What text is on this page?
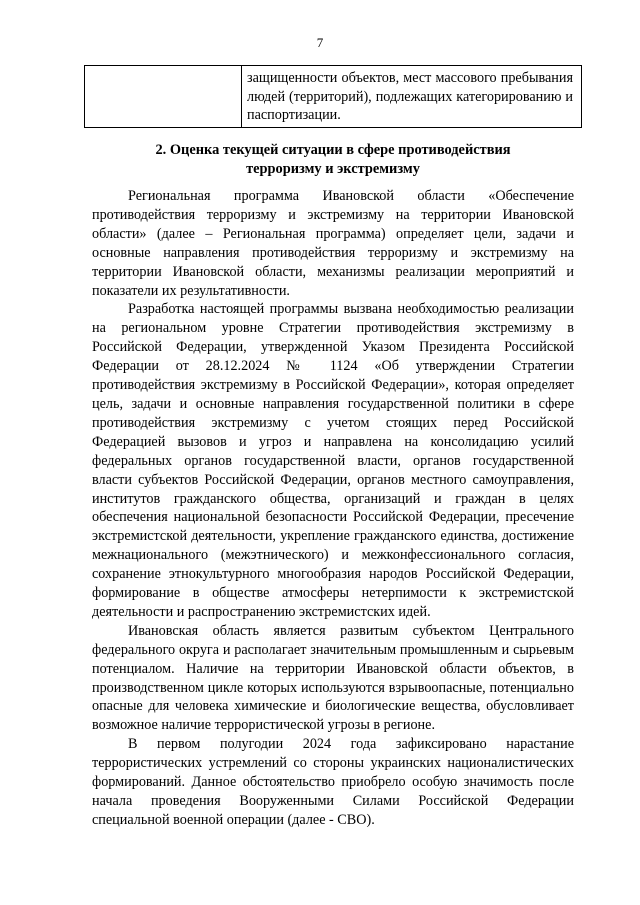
7
	защищенности объектов, мест массового пребывания людей (территорий), подлежащих категорированию и паспортизации.
2. Оценка текущей ситуации в сфере противодействия
терроризму и экстремизму

Региональная программа Ивановской области «Обеспечение противодействия терроризму и экстремизму на территории Ивановской области» (далее – Региональная программа) определяет цели, задачи и основные направления противодействия терроризму и экстремизму на территории Ивановской области, механизмы реализации мероприятий и показатели их результативности.

Разработка настоящей программы вызвана необходимостью реализации на региональном уровне Стратегии противодействия экстремизму в Российской Федерации, утвержденной Указом Президента Российской Федерации от 28.12.2024 № 1124 «Об утверждении Стратегии противодействия экстремизму в Российской Федерации», которая определяет цель, задачи и основные направления государственной политики в сфере противодействия экстремизму с учетом стоящих перед Российской Федерацией вызовов и угроз и направлена на консолидацию усилий федеральных органов государственной власти, органов государственной власти субъектов Российской Федерации, органов местного самоуправления, институтов гражданского общества, организаций и граждан в целях обеспечения национальной безопасности Российской Федерации, пресечение экстремистской деятельности, укрепление гражданского единства, достижение межнационального (межэтнического) и межконфессионального согласия, сохранение этнокультурного многообразия народов Российской Федерации, формирование в обществе атмосферы нетерпимости к экстремистской деятельности и распространению экстремистских идей.

Ивановская область является развитым субъектом Центрального федерального округа и располагает значительным промышленным и сырьевым потенциалом. Наличие на территории Ивановской области объектов, в производственном цикле которых используются взрывоопасные, потенциально опасные для человека химические и биологические вещества, обусловливает возможное наличие террористической угрозы в регионе.

В первом полугодии 2024 года зафиксировано нарастание террористических устремлений со стороны украинских националистических формирований. Данное обстоятельство приобрело особую значимость после начала проведения Вооруженными Силами Российской Федерации специальной военной операции (далее - СВО).
